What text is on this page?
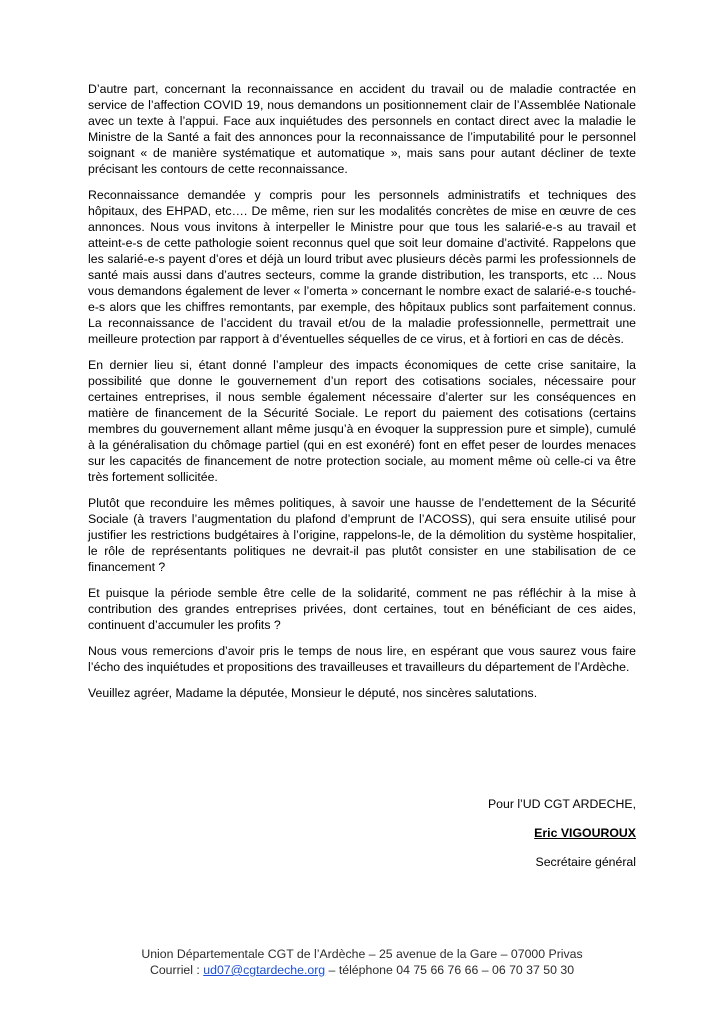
D’autre part, concernant la reconnaissance en accident du travail ou de maladie contractée en service de l’affection COVID 19, nous demandons un positionnement clair de l’Assemblée Nationale avec un texte à l’appui. Face aux inquiétudes des personnels en contact direct avec la maladie le Ministre de la Santé a fait des annonces pour la reconnaissance de l’imputabilité pour le personnel soignant « de manière systématique et automatique », mais sans pour autant décliner de texte précisant les contours de cette reconnaissance.

Reconnaissance demandée y compris pour les personnels administratifs et techniques des hôpitaux, des EHPAD, etc…. De même, rien sur les modalités concrètes de mise en œuvre de ces annonces. Nous vous invitons à interpeller le Ministre pour que tous les salarié-e-s au travail et atteint-e-s de cette pathologie soient reconnus quel que soit leur domaine d’activité. Rappelons que les salarié-e-s payent d’ores et déjà un lourd tribut avec plusieurs décès parmi les professionnels de santé mais aussi dans d’autres secteurs, comme la grande distribution, les transports, etc ... Nous vous demandons également de lever « l’omerta » concernant le nombre exact de salarié-e-s touché-e-s alors que les chiffres remontants, par exemple, des hôpitaux publics sont parfaitement connus. La reconnaissance de l’accident du travail et/ou de la maladie professionnelle, permettrait une meilleure protection par rapport à d’éventuelles séquelles de ce virus, et à fortiori en cas de décès.

En dernier lieu si, étant donné l’ampleur des impacts économiques de cette crise sanitaire, la possibilité que donne le gouvernement d’un report des cotisations sociales, nécessaire pour certaines entreprises, il nous semble également nécessaire d’alerter sur les conséquences en matière de financement de la Sécurité Sociale. Le report du paiement des cotisations (certains membres du gouvernement allant même jusqu’à en évoquer la suppression pure et simple), cumulé à la généralisation du chômage partiel (qui en est exonéré) font en effet peser de lourdes menaces sur les capacités de financement de notre protection sociale, au moment même où celle-ci va être très fortement sollicitée.

Plutôt que reconduire les mêmes politiques, à savoir une hausse de l’endettement de la Sécurité Sociale (à travers l’augmentation du plafond d’emprunt de l’ACOSS), qui sera ensuite utilisé pour justifier les restrictions budgétaires à l’origine, rappelons-le, de la démolition du système hospitalier, le rôle de représentants politiques ne devrait-il pas plutôt consister en une stabilisation de ce financement ?

Et puisque la période semble être celle de la solidarité, comment ne pas réfléchir à la mise à contribution des grandes entreprises privées, dont certaines, tout en bénéficiant de ces aides, continuent d’accumuler les profits ?

Nous vous remercions d’avoir pris le temps de nous lire, en espérant que vous saurez vous faire l’écho des inquiétudes et propositions des travailleuses et travailleurs du département de l’Ardèche.

Veuillez agréer, Madame la députée, Monsieur le député, nos sincères salutations.

Pour l’UD CGT ARDECHE,
Eric VIGOUROUX
Secrétaire général
Union Départementale CGT de l’Ardèche – 25 avenue de la Gare – 07000 Privas
Courriel : ud07@cgtardeche.org – téléphone 04 75 66 76 66 – 06 70 37 50 30
